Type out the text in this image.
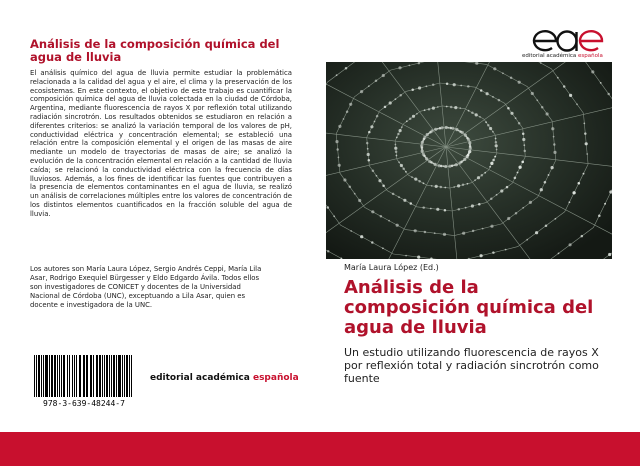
Análisis de la composición química del agua de lluvia

El análisis químico del agua de lluvia permite estudiar la problemática relacionada a la calidad del agua y el aire, el clima y la preservación de los ecosistemas. En este contexto, el objetivo de este trabajo es cuantificar la composición química del agua de lluvia colectada en la ciudad de Córdoba, Argentina, mediante fluorescencia de rayos X por reflexión total utilizando radiación sincrotrón. Los resultados obtenidos se estudiaron en relación a diferentes criterios: se analizó la variación temporal de los valores de pH, conductividad eléctrica y concentración elemental; se estableció una relación entre la composición elemental y el origen de las masas de aire mediante un modelo de trayectorias de masas de aire; se analizó la evolución de la concentración elemental en relación a la cantidad de lluvia caída; se relacionó la conductividad eléctrica con la frecuencia de días lluviosos. Además, a los fines de identificar las fuentes que contribuyen a la presencia de elementos contaminantes en el agua de lluvia, se realizó un análisis de correlaciones múltiples entre los valores de concentración de los distintos elementos cuantificados en la fracción soluble del agua de lluvia.

Los autores son María Laura López, Sergio Andrés Ceppi, María Lila Asar, Rodrigo Exequiel Bürgesser y Eldo Edgardo Ávila. Todos ellos son investigadores de CONICET y docentes de la Universidad Nacional de Córdoba (UNC), exceptuando a Lila Asar, quien es docente e investigadora de la UNC.

978-3-639-48244-7
editorial académica española
editorial académica española
María Laura López (Ed.)
Análisis de la composición química del agua de lluvia

Un estudio utilizando fluorescencia de rayos X por reflexión total y radiación sincrotrón como fuente
